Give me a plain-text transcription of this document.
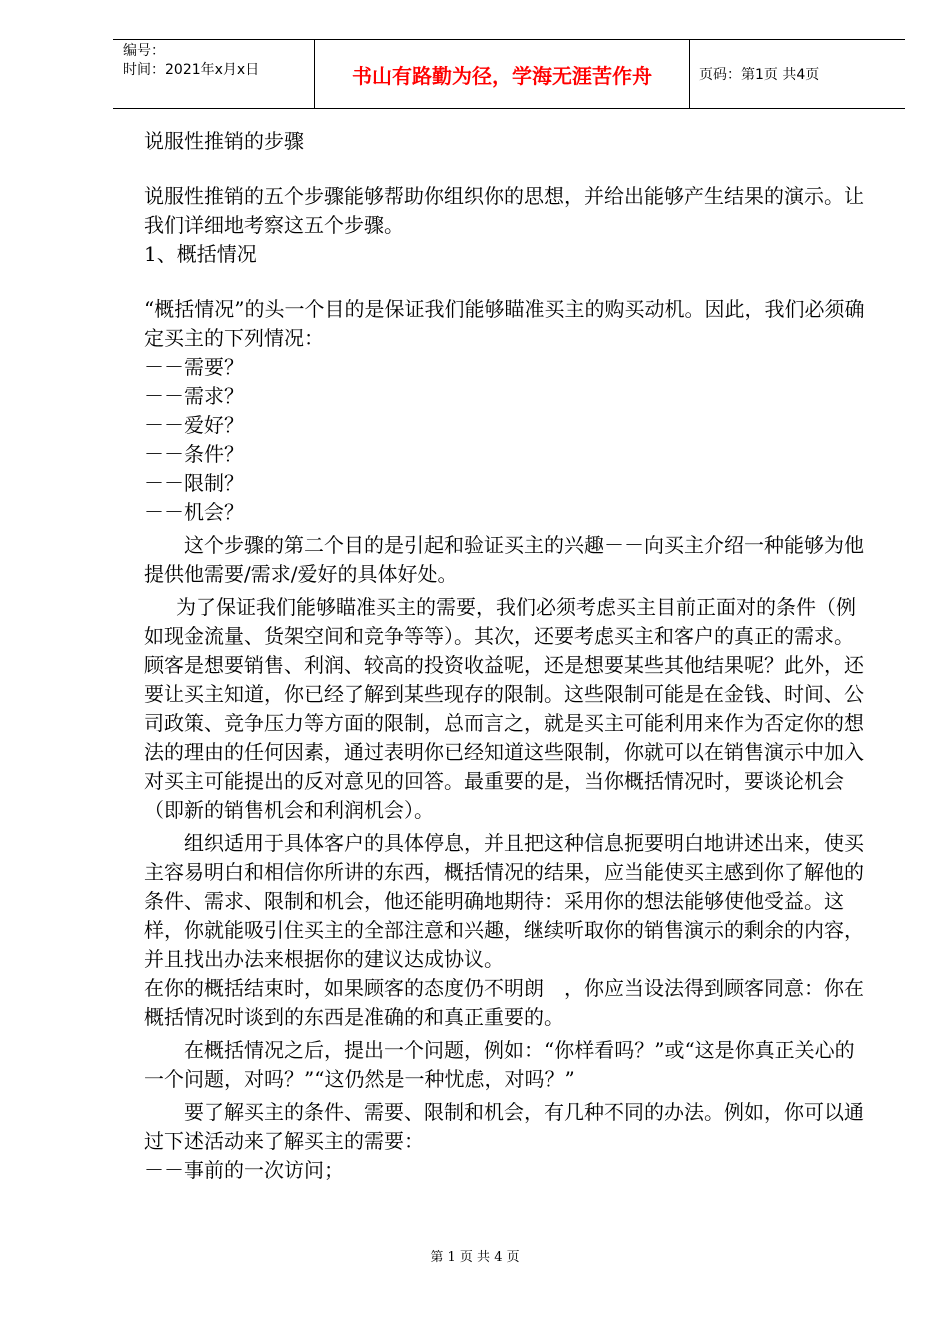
编号：
时间：2021年x月x日	书山有路勤为径，学海无涯苦作舟	页码：第1页 共4页

说服性推销的步骤

说服性推销的五个步骤能够帮助你组织你的思想，并给出能够产生结果的演示。让我们详细地考察这五个步骤。

1、概括情况

“概括情况”的头一个目的是保证我们能够瞄准买主的购买动机。因此，我们必须确定买主的下列情况：

－－需要？

－－需求？

－－爱好？

－－条件？

－－限制？

－－机会？

这个步骤的第二个目的是引起和验证买主的兴趣－－向买主介绍一种能够为他提供他需要/需求/爱好的具体好处。

为了保证我们能够瞄准买主的需要，我们必须考虑买主目前正面对的条件（例如现金流量、货架空间和竞争等等）。其次，还要考虑买主和客户的真正的需求。顾客是想要销售、利润、较高的投资收益呢，还是想要某些其他结果呢？此外，还要让买主知道，你已经了解到某些现存的限制。这些限制可能是在金钱、时间、公司政策、竞争压力等方面的限制，总而言之，就是买主可能利用来作为否定你的想法的理由的任何因素，通过表明你已经知道这些限制，你就可以在销售演示中加入对买主可能提出的反对意见的回答。最重要的是，当你概括情况时，要谈论机会（即新的销售机会和利润机会）。

组织适用于具体客户的具体停息，并且把这种信息扼要明白地讲述出来，使买主容易明白和相信你所讲的东西，概括情况的结果，应当能使买主感到你了解他的条件、需求、限制和机会，他还能明确地期待：采用你的想法能够使他受益。这样，你就能吸引住买主的全部注意和兴趣，继续听取你的销售演示的剩余的内容，并且找出办法来根据你的建议达成协议。

在你的概括结束时，如果顾客的态度仍不明朗　，你应当设法得到顾客同意：你在概括情况时谈到的东西是准确的和真正重要的。

在概括情况之后，提出一个问题，例如：“你样看吗？”或“这是你真正关心的一个问题，对吗？”“这仍然是一种忧虑，对吗？”

要了解买主的条件、需要、限制和机会，有几种不同的办法。例如，你可以通过下述活动来了解买主的需要：

－－事前的一次访问；

第 1 页 共 4 页
